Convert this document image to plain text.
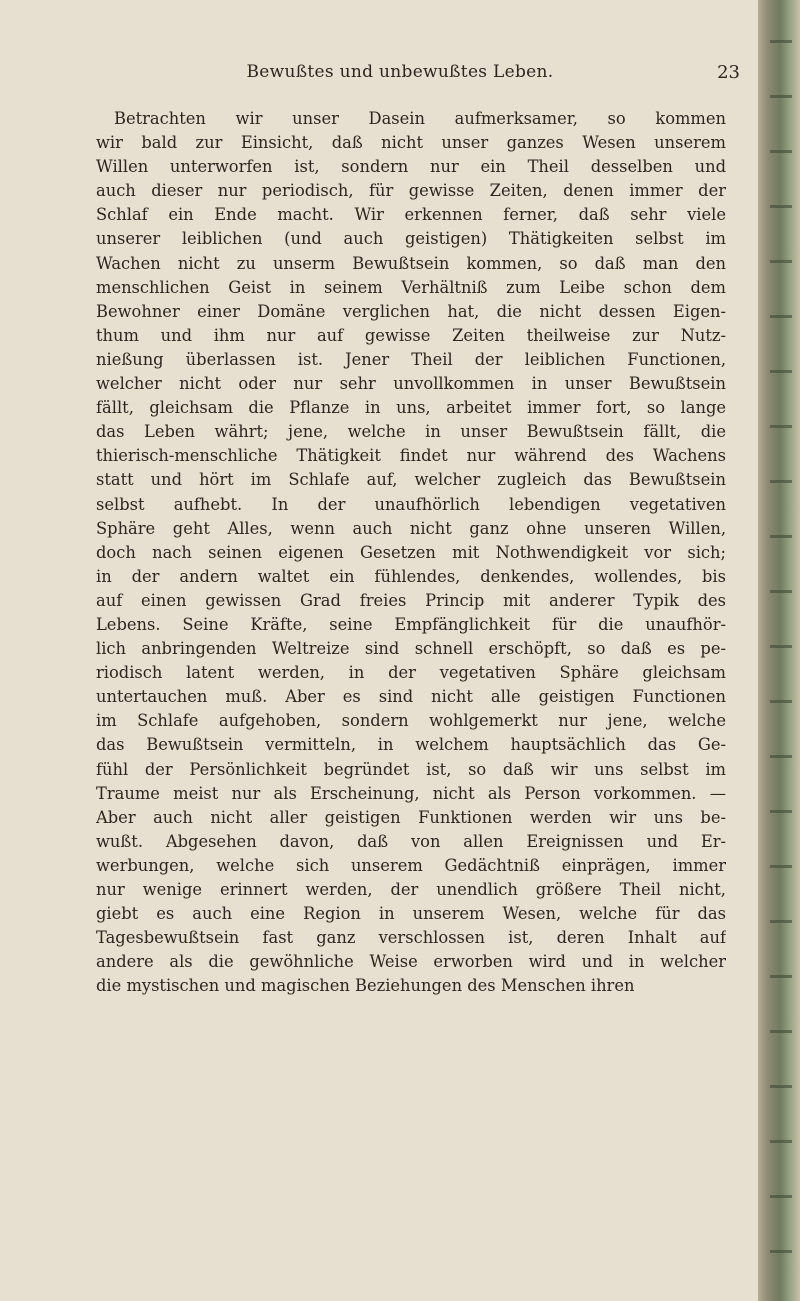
Bewußtes und unbewußtes Leben.	23
Betrachten wir unser Dasein aufmerksamer, so kommen
wir bald zur Einsicht, daß nicht unser ganzes Wesen unserem
Willen unterworfen ist, sondern nur ein Theil desselben und
auch dieser nur periodisch, für gewisse Zeiten, denen immer der
Schlaf ein Ende macht. Wir erkennen ferner, daß sehr viele
unserer leiblichen (und auch geistigen) Thätigkeiten selbst im
Wachen nicht zu unserm Bewußtsein kommen, so daß man den
menschlichen Geist in seinem Verhältniß zum Leibe schon dem
Bewohner einer Domäne verglichen hat, die nicht dessen Eigen-
thum und ihm nur auf gewisse Zeiten theilweise zur Nutz-
nießung überlassen ist. Jener Theil der leiblichen Functionen,
welcher nicht oder nur sehr unvollkommen in unser Bewußtsein
fällt, gleichsam die Pflanze in uns, arbeitet immer fort, so lange
das Leben währt; jene, welche in unser Bewußtsein fällt, die
thierisch-menschliche Thätigkeit findet nur während des Wachens
statt und hört im Schlafe auf, welcher zugleich das Bewußtsein
selbst aufhebt. In der unaufhörlich lebendigen vegetativen
Sphäre geht Alles, wenn auch nicht ganz ohne unseren Willen,
doch nach seinen eigenen Gesetzen mit Nothwendigkeit vor sich;
in der andern waltet ein fühlendes, denkendes, wollendes, bis
auf einen gewissen Grad freies Princip mit anderer Typik des
Lebens. Seine Kräfte, seine Empfänglichkeit für die unaufhör-
lich anbringenden Weltreize sind schnell erschöpft, so daß es pe-
riodisch latent werden, in der vegetativen Sphäre gleichsam
untertauchen muß. Aber es sind nicht alle geistigen Functionen
im Schlafe aufgehoben, sondern wohlgemerkt nur jene, welche
das Bewußtsein vermitteln, in welchem hauptsächlich das Ge-
fühl der Persönlichkeit begründet ist, so daß wir uns selbst im
Traume meist nur als Erscheinung, nicht als Person vorkommen. —
Aber auch nicht aller geistigen Funktionen werden wir uns be-
wußt. Abgesehen davon, daß von allen Ereignissen und Er-
werbungen, welche sich unserem Gedächtniß einprägen, immer
nur wenige erinnert werden, der unendlich größere Theil nicht,
giebt es auch eine Region in unserem Wesen, welche für das
Tagesbewußtsein fast ganz verschlossen ist, deren Inhalt auf
andere als die gewöhnliche Weise erworben wird und in welcher
die mystischen und magischen Beziehungen des Menschen ihren
